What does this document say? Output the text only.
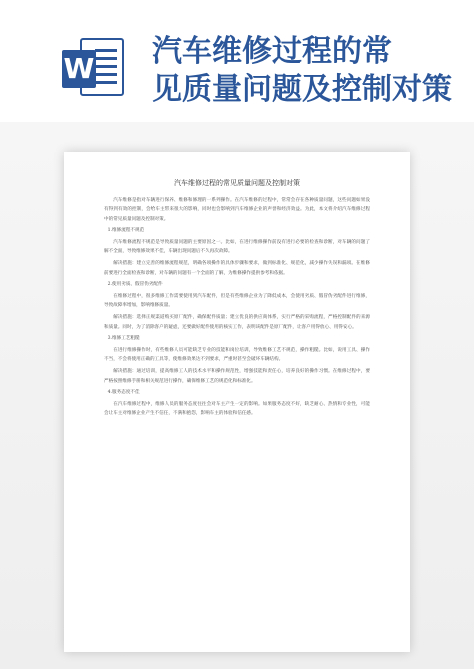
W 汽车维修过程的常
见质量问题及控制对策
汽车维修过程的常见质量问题及控制对策

汽车维修是指对车辆进行保养、维修和修理的一系列操作。在汽车维修的过程中，常常会存在各种质量问题，这些问题如果没有得到有效的控制，会给车主带来很大的影响，同时也会影响到汽车维修企业的声誉和经济效益。为此，本文将介绍汽车维修过程中的常见质量问题及控制对策。

1.维修流程不规范

汽车维修流程不规范是导致质量问题的主要原因之一。比如，在进行维修操作前没有进行必要的检查和诊断，对车辆的问题了解不全面，导致维修效果不佳，车辆出现问题后不久再次故障。

解决措施：建立完善的维修流程规范，明确各项操作的具体步骤和要求，做到标准化、规范化，减少操作失误和漏项。在维修前要进行全面检查和诊断，对车辆的问题有一个全面的了解，为维修操作提供参考和依据。

2.使用劣质、假冒伪劣配件

在维修过程中，很多维修工作需要使用到汽车配件，但是有些维修企业为了降低成本，会使用劣质、假冒伪劣配件进行维修，导致故障率增加，影响维修质量。

解决措施：选择正规渠道购买原厂配件，确保配件质量；建立优良的供应商体系，实行严格的采购流程，严格控制配件的来源和质量。同时，为了消除客户的疑虑，还要做好配件使用的核实工作，表明该配件是原厂配件，让客户用得放心、用得安心。

3.维修工艺粗糙

在进行维修操作时，有些维修人员可能缺乏专业的技能和岗位培训，导致维修工艺不规范，操作粗糙。比如，说用工具、操作不当，不会将使用正确的工具等，使维修效果达不到要求，严重时甚至会破坏车辆结构。

解决措施：通过培训，提高维修工人的技术水平和操作规范性，增强技能和责任心，培养良好的操作习惯。在维修过程中，要严格按照维修手册和相关规范进行操作，确保维修工艺的规范化和标准化。

4.服务态度不佳

在汽车维修过程中，维修人员的服务态度往往会对车主产生一定的影响。如果服务态度不好，缺乏耐心、热情和专业性，可能会让车主对维修企业产生不信任，不满和抱怨，影响车主的体验和信任感。
